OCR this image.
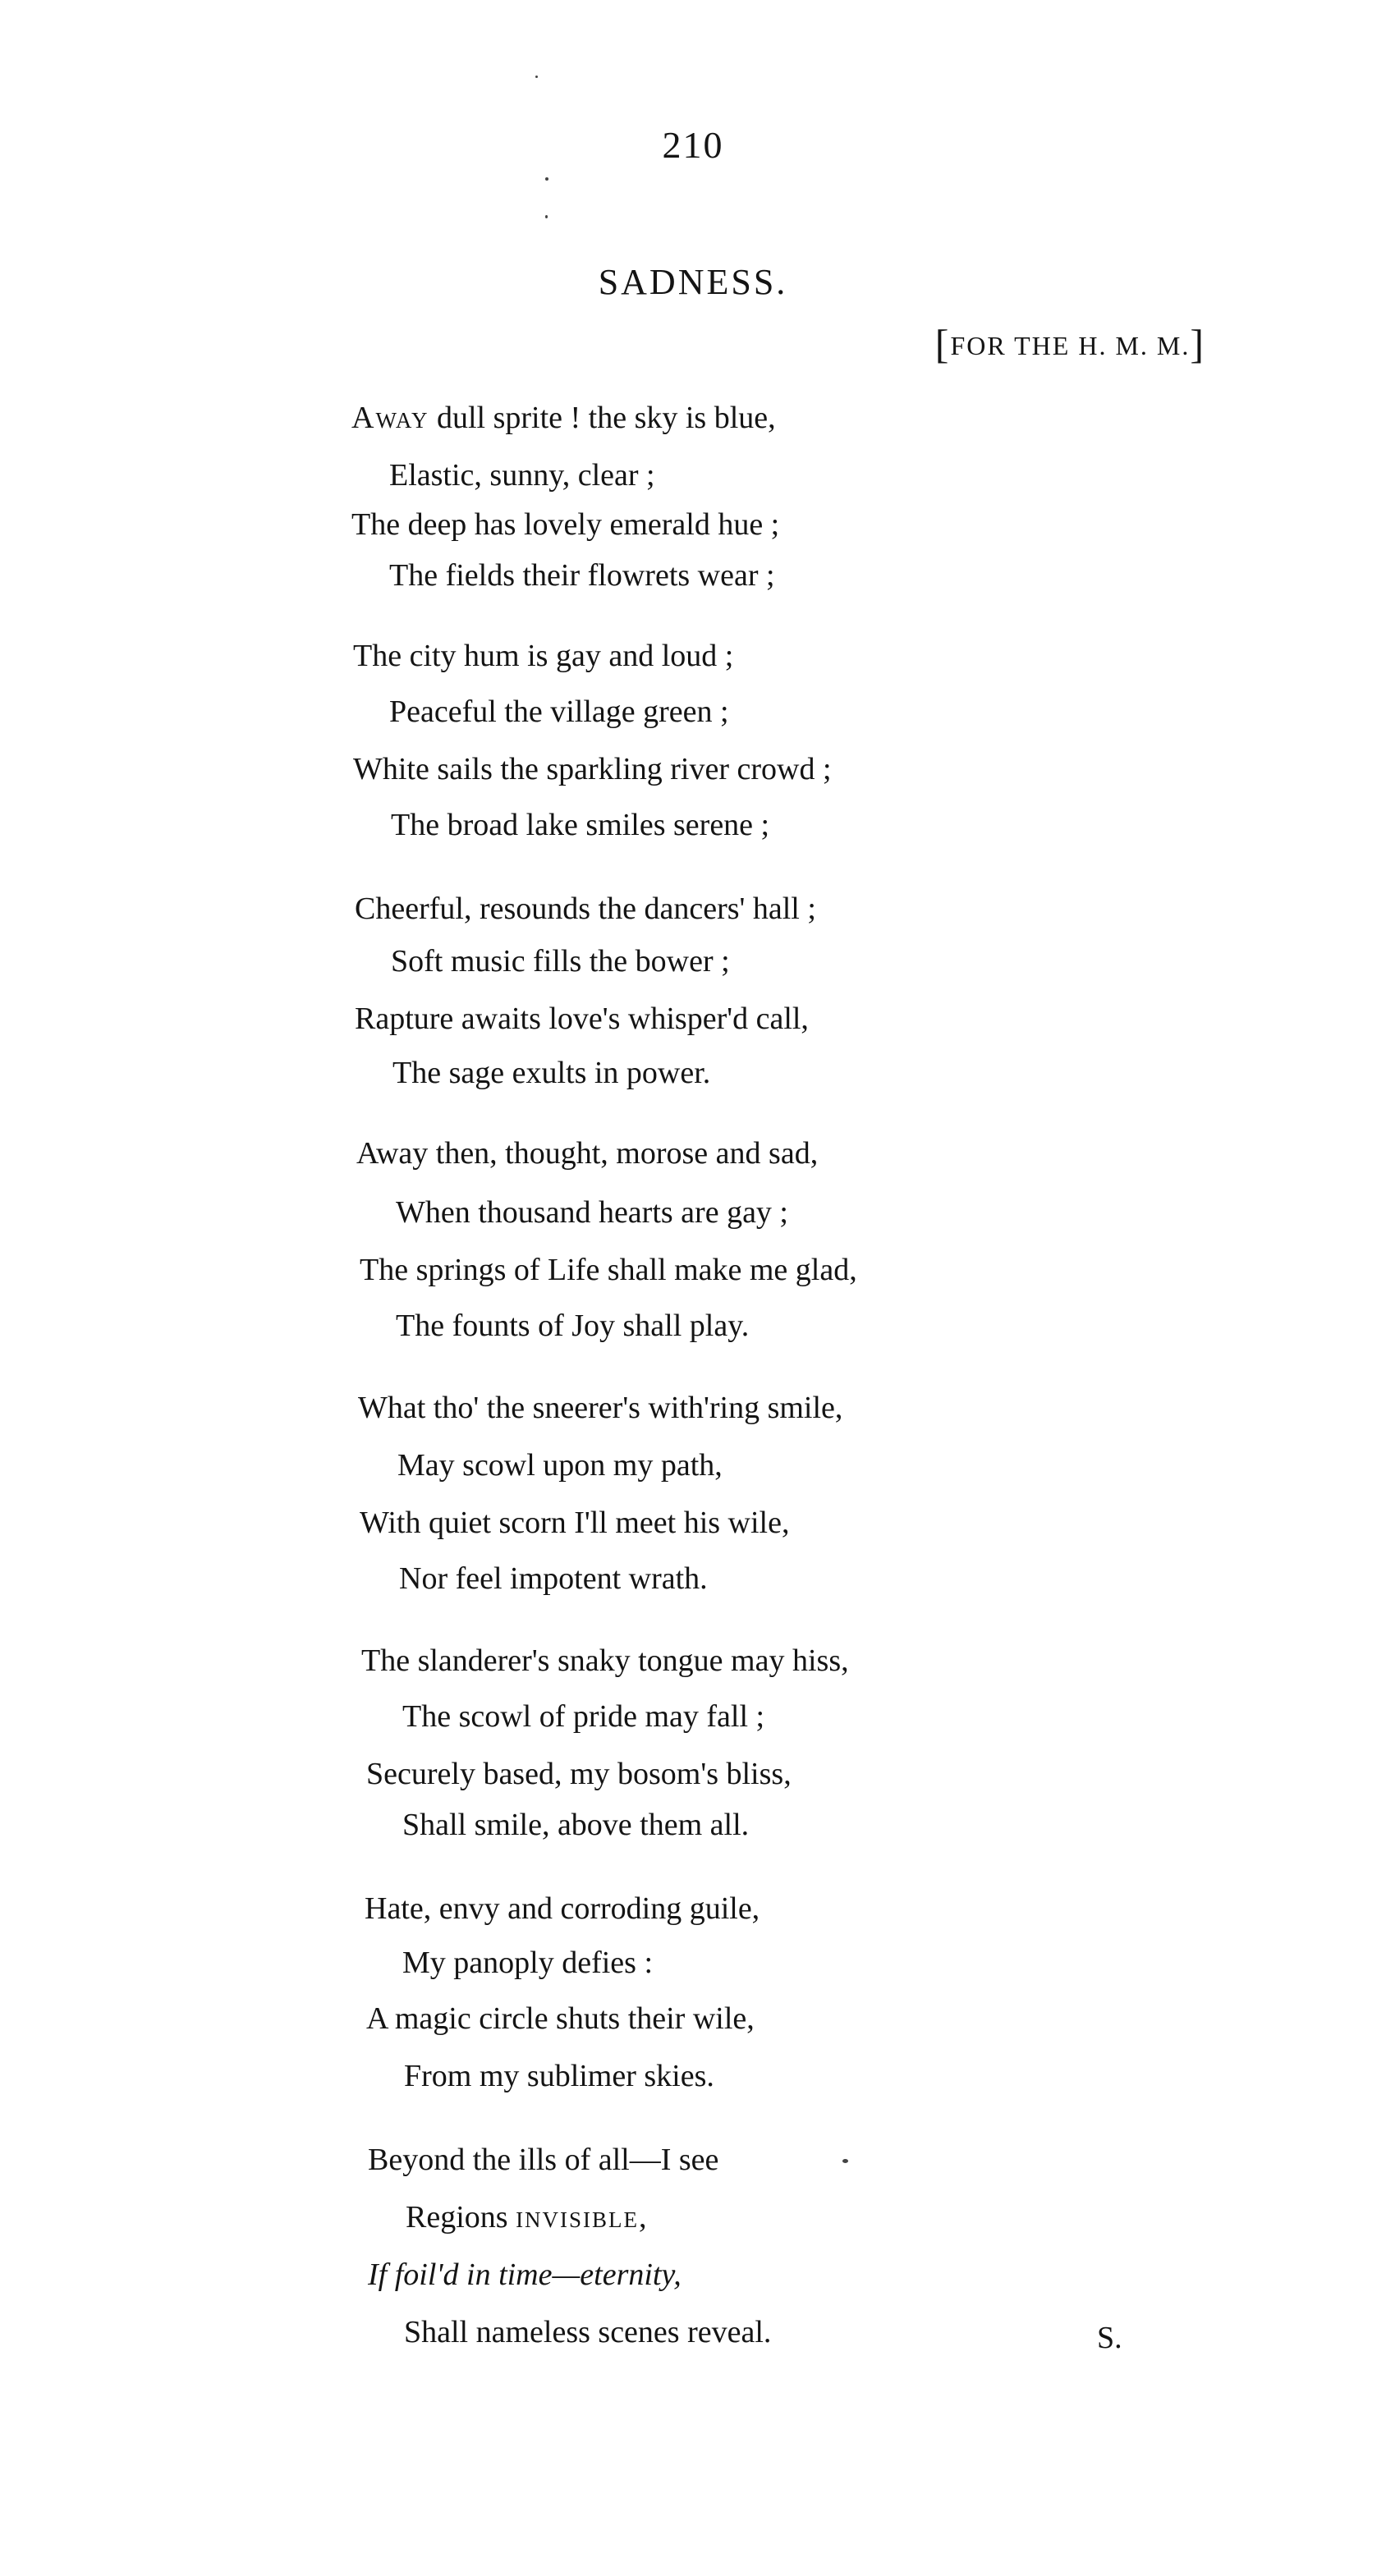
210
SADNESS.
[FOR THE H. M. M.]
Away dull sprite ! the sky is blue,
Elastic, sunny, clear ;
The deep has lovely emerald hue ;
The fields their flowrets wear ;
The city hum is gay and loud ;
Peaceful the village green ;
White sails the sparkling river crowd ;
The broad lake smiles serene ;
Cheerful, resounds the dancers' hall ;
Soft music fills the bower ;
Rapture awaits love's whisper'd call,
The sage exults in power.
Away then, thought, morose and sad,
When thousand hearts are gay ;
The springs of Life shall make me glad,
The founts of Joy shall play.
What tho' the sneerer's with'ring smile,
May scowl upon my path,
With quiet scorn I'll meet his wile,
Nor feel impotent wrath.
The slanderer's snaky tongue may hiss,
The scowl of pride may fall ;
Securely based, my bosom's bliss,
Shall smile, above them all.
Hate, envy and corroding guile,
My panoply defies :
A magic circle shuts their wile,
From my sublimer skies.
Beyond the ills of all—I see
Regions invisible,
If foil'd in time—eternity,
Shall nameless scenes reveal.	S.
